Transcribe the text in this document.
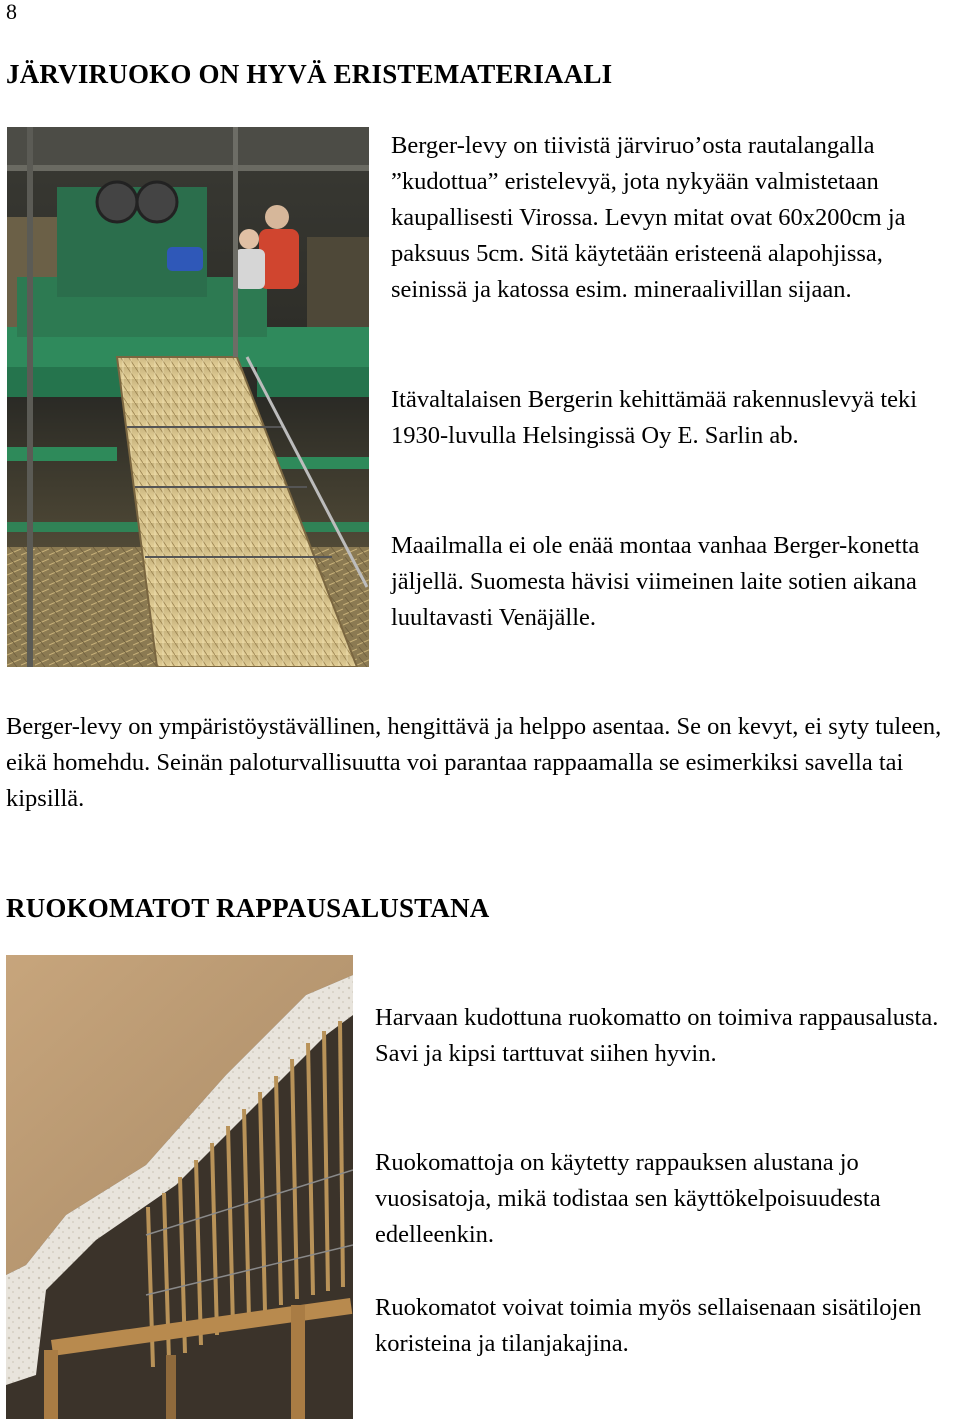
8
JÄRVIRUOKO ON HYVÄ ERISTEMATERIAALI

Berger-levy on tiivistä järviruo’osta rautalangalla ”kudottua” eristelevyä, jota nykyään valmistetaan kaupallisesti Virossa. Levyn mitat ovat 60x200cm ja paksuus 5cm. Sitä käytetään eristeenä alapohjissa, seinissä ja katossa esim. mineraalivillan sijaan.

Itävaltalaisen Bergerin kehittämää rakennuslevyä teki 1930-luvulla Helsingissä Oy E. Sarlin ab.

Maailmalla ei ole enää montaa vanhaa Berger-konetta jäljellä. Suomesta hävisi viimeinen laite sotien aikana luultavasti Venäjälle.

Berger-levy on ympäristöystävällinen, hengittävä ja helppo asentaa. Se on kevyt, ei syty tuleen, eikä homehdu. Seinän paloturvallisuutta voi parantaa rappaamalla se esimerkiksi savella tai kipsillä.

RUOKOMATOT RAPPAUSALUSTANA

Harvaan kudottuna ruokomatto on toimiva rappausalusta. Savi ja kipsi tarttuvat siihen hyvin.

Ruokomattoja on käytetty rappauksen alustana jo vuosisatoja, mikä todistaa sen käyttökelpoisuudesta edelleenkin.

Ruokomatot voivat toimia myös sellaisenaan sisätilojen koristeina ja tilanjakajina.
